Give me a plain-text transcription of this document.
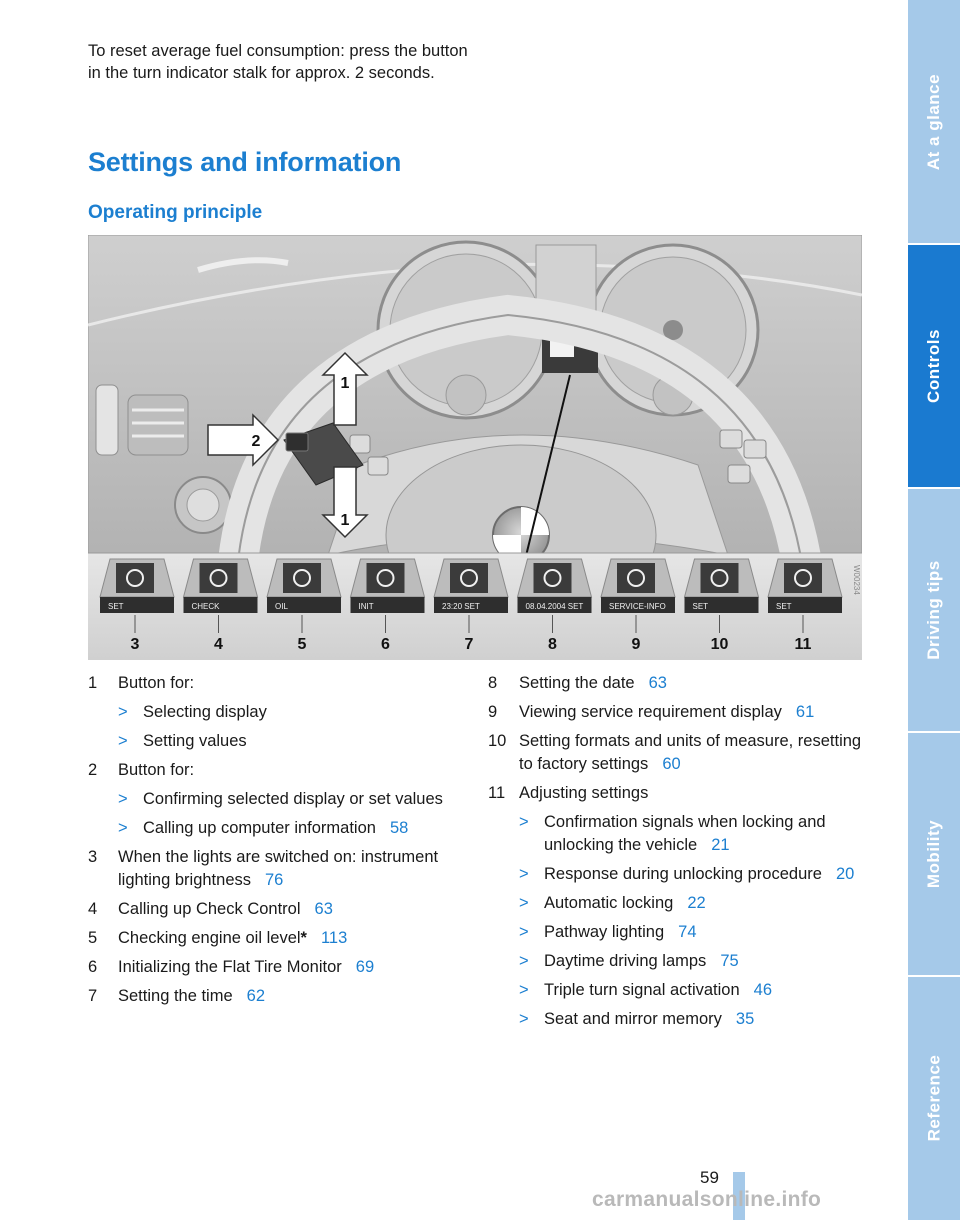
To reset average fuel consumption: press the button in the turn indicator stalk for approx. 2 seconds.
Settings and information
Operating principle
1
2
1
SET
3
CHECK
4
OIL
5
INIT
6
23:20 SET
7
08.04.2004 SET
8
SERVICE-INFO
9
SET
10
SET
11
W00234
1 Button for:
> Selecting display
> Setting values
2 Button for:
> Confirming selected display or set values
> Calling up computer information 58
3 When the lights are switched on: instrument lighting brightness 76
4 Calling up Check Control 63
5 Checking engine oil level* 113
6 Initializing the Flat Tire Monitor 69
7 Setting the time 62
8 Setting the date 63
9 Viewing service requirement display 61
10 Setting formats and units of measure, resetting to factory settings 60
11 Adjusting settings
> Confirmation signals when locking and unlocking the vehicle 21
> Response during unlocking procedure 20
> Automatic locking 22
> Pathway lighting 74
> Daytime driving lamps 75
> Triple turn signal activation 46
> Seat and mirror memory 35
At a glance
Controls
Driving tips
Mobility
Reference
59
carmanualsonline.info
